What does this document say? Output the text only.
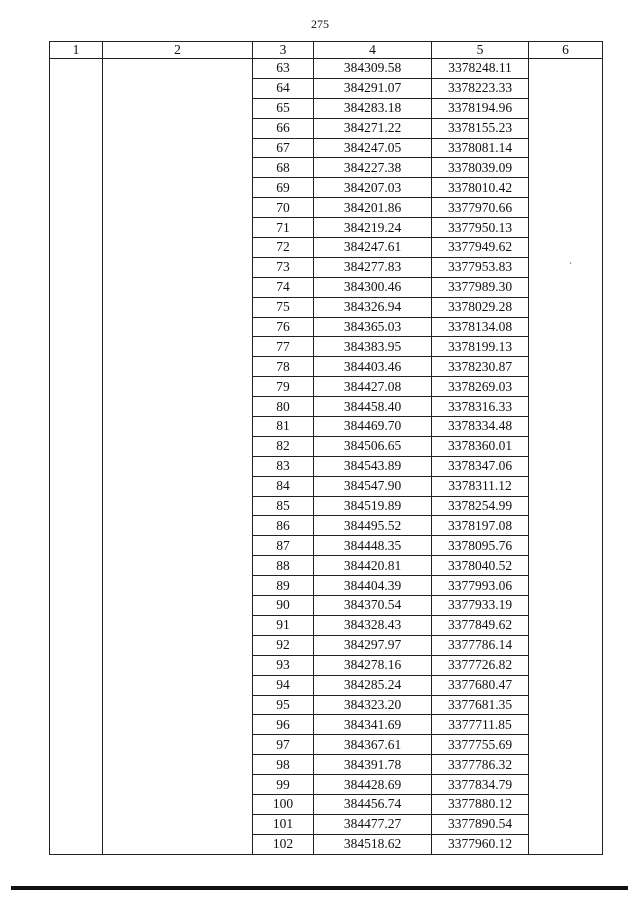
275
1	2	3	4	5	6
		63	384309.58	3378248.11	
		64	384291.07	3378223.33	
		65	384283.18	3378194.96	
		66	384271.22	3378155.23	
		67	384247.05	3378081.14	
		68	384227.38	3378039.09	
		69	384207.03	3378010.42	
		70	384201.86	3377970.66	
		71	384219.24	3377950.13	
		72	384247.61	3377949.62	
		73	384277.83	3377953.83	
		74	384300.46	3377989.30	
		75	384326.94	3378029.28	
		76	384365.03	3378134.08	
		77	384383.95	3378199.13	
		78	384403.46	3378230.87	
		79	384427.08	3378269.03	
		80	384458.40	3378316.33	
		81	384469.70	3378334.48	
		82	384506.65	3378360.01	
		83	384543.89	3378347.06	
		84	384547.90	3378311.12	
		85	384519.89	3378254.99	
		86	384495.52	3378197.08	
		87	384448.35	3378095.76	
		88	384420.81	3378040.52	
		89	384404.39	3377993.06	
		90	384370.54	3377933.19	
		91	384328.43	3377849.62	
		92	384297.97	3377786.14	
		93	384278.16	3377726.82	
		94	384285.24	3377680.47	
		95	384323.20	3377681.35	
		96	384341.69	3377711.85	
		97	384367.61	3377755.69	
		98	384391.78	3377786.32	
		99	384428.69	3377834.79	
		100	384456.74	3377880.12	
		101	384477.27	3377890.54	
		102	384518.62	3377960.12	
`
